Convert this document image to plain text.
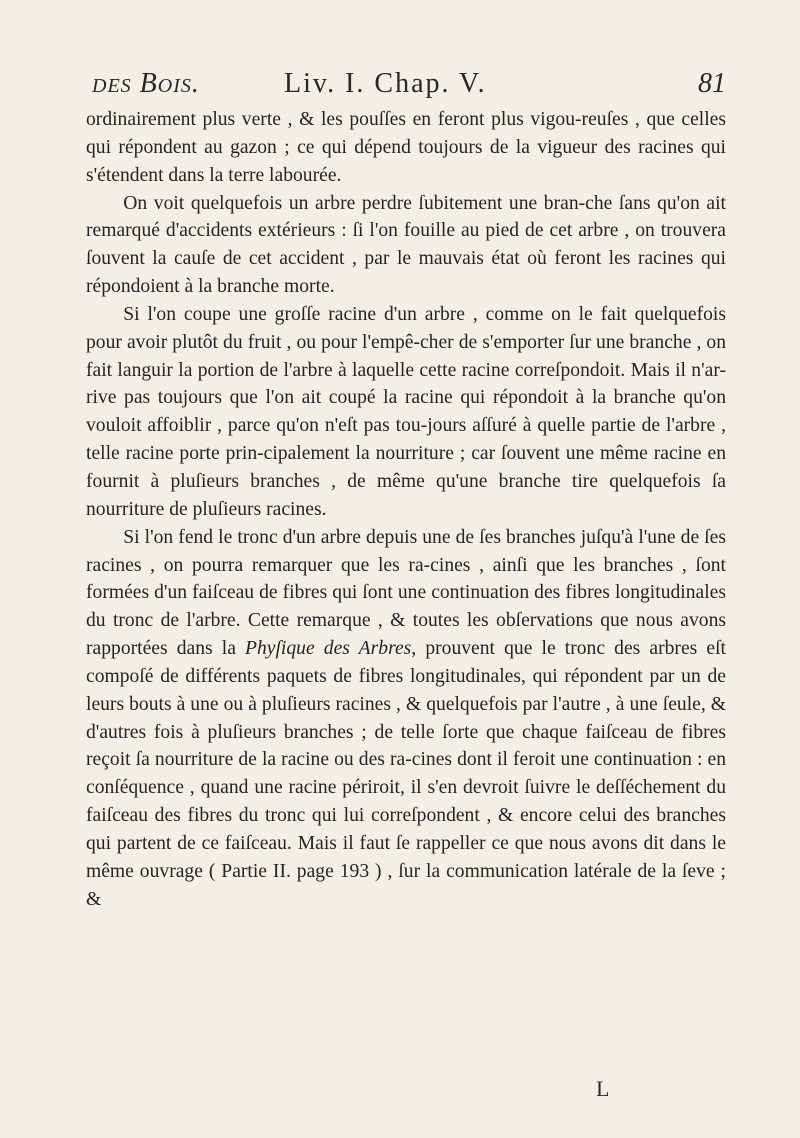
des Bois.	Liv. I. Chap. V.	81

ordinairement plus verte , & les pouſſes en feront plus vigou-reuſes , que celles qui répondent au gazon ; ce qui dépend toujours de la vigueur des racines qui s'étendent dans la terre labourée.

On voit quelquefois un arbre perdre ſubitement une bran-che ſans qu'on ait remarqué d'accidents extérieurs : ſi l'on fouille au pied de cet arbre , on trouvera ſouvent la cauſe de cet accident , par le mauvais état où feront les racines qui répondoient à la branche morte.

Si l'on coupe une groſſe racine d'un arbre , comme on le fait quelquefois pour avoir plutôt du fruit , ou pour l'empê-cher de s'emporter ſur une branche , on fait languir la portion de l'arbre à laquelle cette racine correſpondoit. Mais il n'ar-rive pas toujours que l'on ait coupé la racine qui répondoit à la branche qu'on vouloit affoiblir , parce qu'on n'eſt pas tou-jours aſſuré à quelle partie de l'arbre , telle racine porte prin-cipalement la nourriture ; car ſouvent une même racine en fournit à pluſieurs branches , de même qu'une branche tire quelquefois ſa nourriture de pluſieurs racines.

Si l'on fend le tronc d'un arbre depuis une de ſes branches juſqu'à l'une de ſes racines , on pourra remarquer que les ra-cines , ainſi que les branches , ſont formées d'un faiſceau de fibres qui ſont une continuation des fibres longitudinales du tronc de l'arbre. Cette remarque , & toutes les obſervations que nous avons rapportées dans la Phyſique des Arbres, prouvent que le tronc des arbres eſt compoſé de différents paquets de fibres longitudinales, qui répondent par un de leurs bouts à une ou à pluſieurs racines , & quelquefois par l'autre , à une ſeule, & d'autres fois à pluſieurs branches ; de telle ſorte que chaque faiſceau de fibres reçoit ſa nourriture de la racine ou des ra-cines dont il feroit une continuation : en conſéquence , quand une racine périroit, il s'en devroit ſuivre le deſſéchement du faiſceau des fibres du tronc qui lui correſpondent , & encore celui des branches qui partent de ce faiſceau. Mais il faut ſe rappeller ce que nous avons dit dans le même ouvrage ( Partie II. page 193 ) , ſur la communication latérale de la ſeve ; &

L
